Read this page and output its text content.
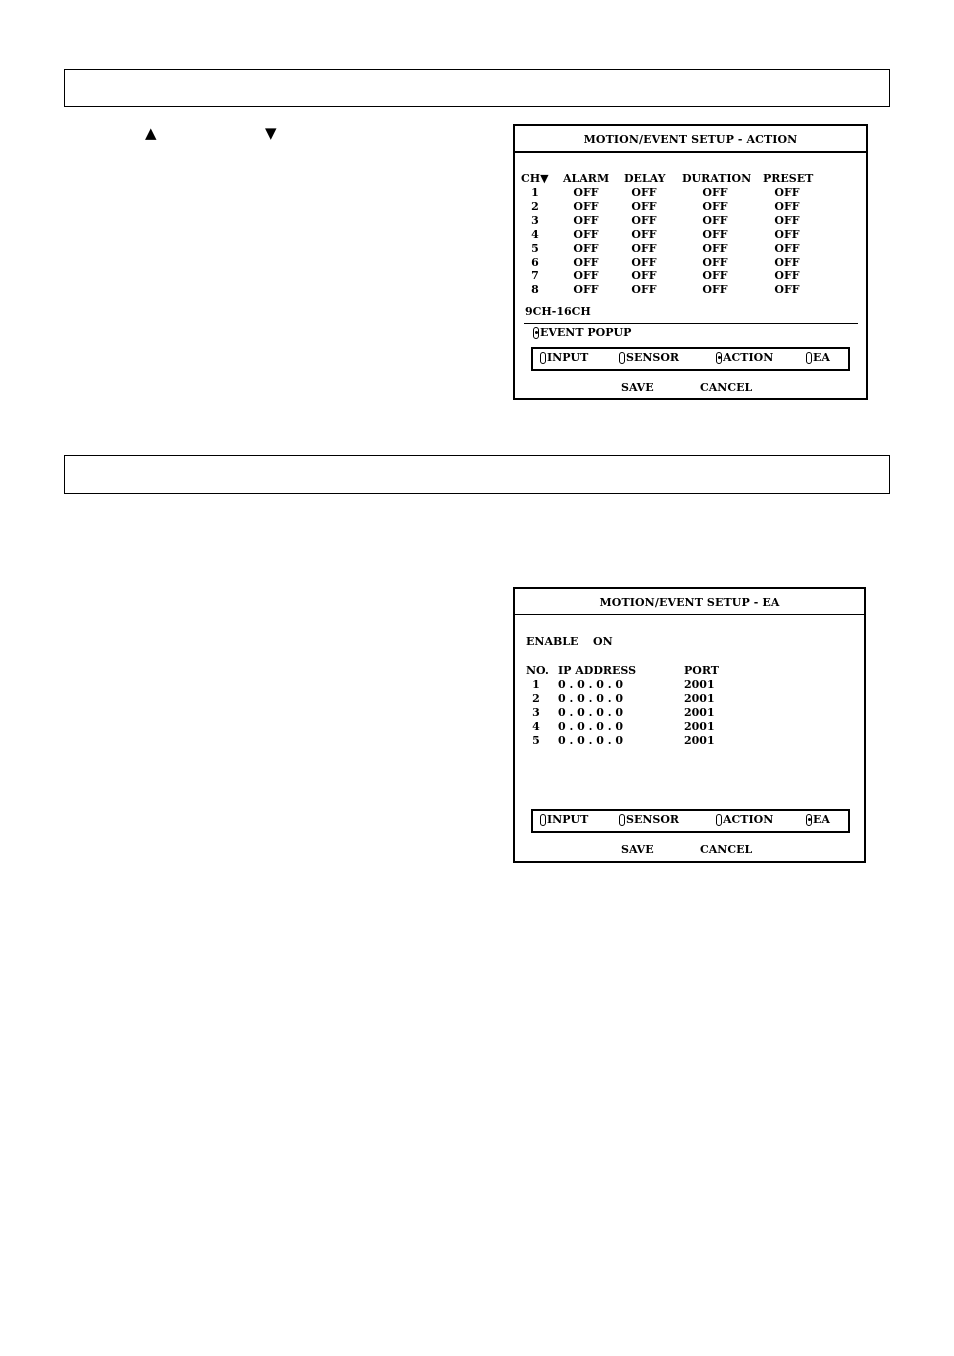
▲	▼	MOTION/EVENT SETUP - ACTION
CH▼ ALARM DELAY DURATION PRESET
1	OFF	OFF	OFF	OFF
2	OFF	OFF	OFF	OFF
3	OFF	OFF	OFF	OFF
4	OFF	OFF	OFF	OFF
5	OFF	OFF	OFF	OFF
6	OFF	OFF	OFF	OFF
7	OFF	OFF	OFF	OFF
8	OFF	OFF	OFF	OFF
9CH-16CH
EVENT POPUP
INPUT	SENSOR	ACTION	EA
SAVE	CANCEL
MOTION/EVENT SETUP - EA
ENABLE ON
NO. IP ADDRESS	PORT
1 0 . 0 . 0 . 0	2001
2 0 . 0 . 0 . 0	2001
3 0 . 0 . 0 . 0	2001
4 0 . 0 . 0 . 0	2001
5 0 . 0 . 0 . 0	2001
INPUT	SENSOR	ACTION	EA
SAVE	CANCEL
